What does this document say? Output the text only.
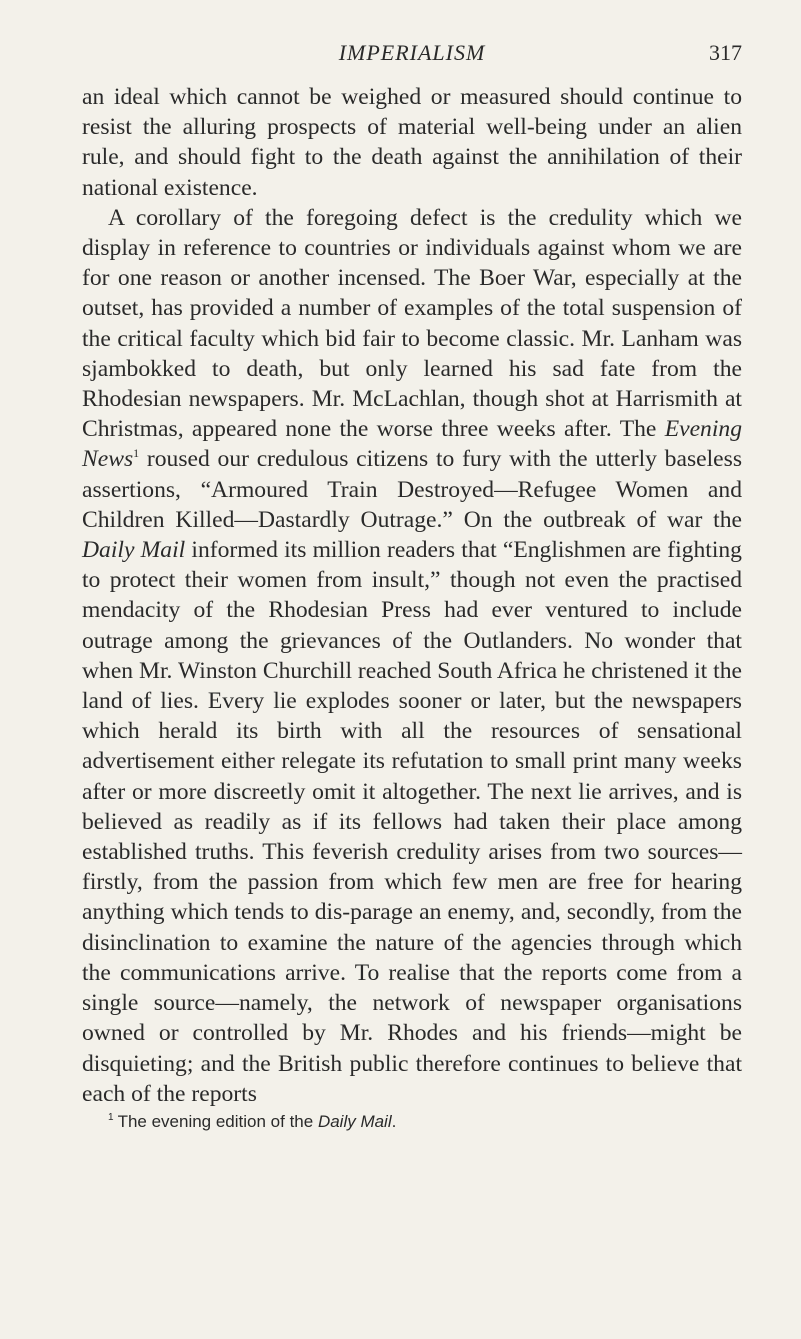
IMPERIALISM	317

an ideal which cannot be weighed or measured should continue to resist the alluring prospects of material well-being under an alien rule, and should fight to the death against the annihilation of their national existence.

A corollary of the foregoing defect is the credulity which we display in reference to countries or individuals against whom we are for one reason or another incensed. The Boer War, especially at the outset, has provided a number of examples of the total suspension of the critical faculty which bid fair to become classic. Mr. Lanham was sjambokked to death, but only learned his sad fate from the Rhodesian newspapers. Mr. McLachlan, though shot at Harrismith at Christmas, appeared none the worse three weeks after. The Evening News$^1$ roused our credulous citizens to fury with the utterly baseless assertions, “Armoured Train Destroyed—Refugee Women and Children Killed—Dastardly Outrage.” On the outbreak of war the Daily Mail informed its million readers that “Englishmen are fighting to protect their women from insult,” though not even the practised mendacity of the Rhodesian Press had ever ventured to include outrage among the grievances of the Outlanders. No wonder that when Mr. Winston Churchill reached South Africa he christened it the land of lies. Every lie explodes sooner or later, but the newspapers which herald its birth with all the resources of sensational advertisement either relegate its refutation to small print many weeks after or more discreetly omit it altogether. The next lie arrives, and is believed as readily as if its fellows had taken their place among established truths. This feverish credulity arises from two sources—firstly, from the passion from which few men are free for hearing anything which tends to dis-parage an enemy, and, secondly, from the disinclination to examine the nature of the agencies through which the communications arrive. To realise that the reports come from a single source—namely, the network of newspaper organisations owned or controlled by Mr. Rhodes and his friends—might be disquieting; and the British public therefore continues to believe that each of the reports

$^1$ The evening edition of the Daily Mail.
